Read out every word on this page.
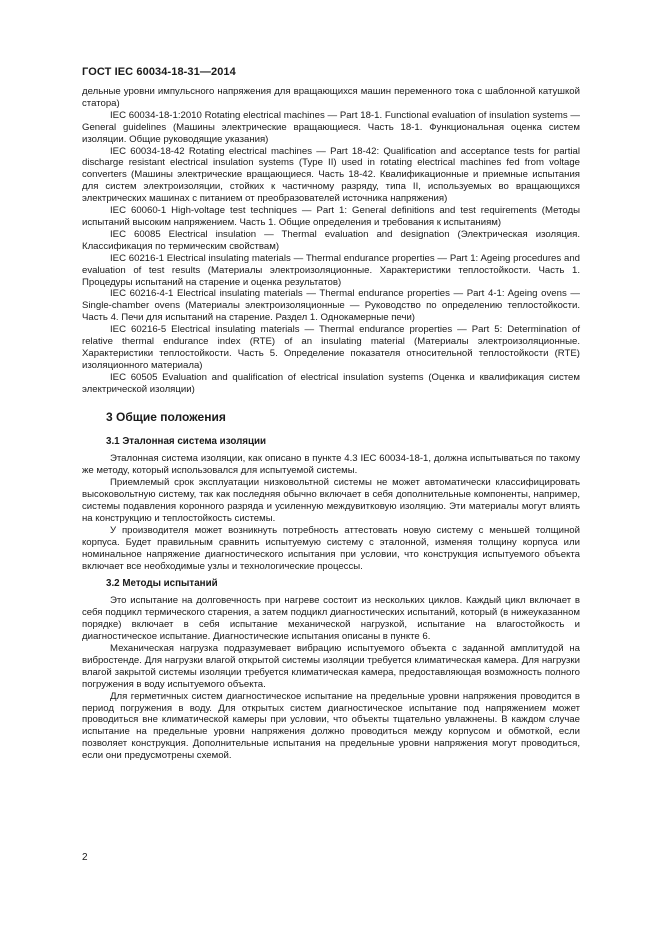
ГОСТ IEC 60034-18-31—2014

дельные уровни импульсного напряжения для вращающихся машин переменного тока с шаблонной катушкой статора)

IEC 60034-18-1:2010 Rotating electrical machines — Part 18-1. Functional evaluation of insulation systems — General guidelines (Машины электрические вращающиеся. Часть 18-1. Функциональная оценка систем изоляции. Общие руководящие указания)

IEC 60034-18-42 Rotating electrical machines — Part 18-42: Qualification and acceptance tests for partial discharge resistant electrical insulation systems (Type II) used in rotating electrical machines fed from voltage converters (Машины электрические вращающиеся. Часть 18-42. Квалификационные и приемные испытания для систем электроизоляции, стойких к частичному разряду, типа II, используемых во вращающихся электрических машинах с питанием от преобразователей источника напряжения)

IEC 60060-1 High-voltage test techniques — Part 1: General definitions and test requirements (Методы испытаний высоким напряжением. Часть 1. Общие определения и требования к испытаниям)

IEC 60085 Electrical insulation — Thermal evaluation and designation (Электрическая изоляция. Классификация по термическим свойствам)

IEC 60216-1 Electrical insulating materials — Thermal endurance properties — Part 1: Ageing procedures and evaluation of test results (Материалы электроизоляционные. Характеристики теплостойкости. Часть 1. Процедуры испытаний на старение и оценка результатов)

IEC 60216-4-1 Electrical insulating materials — Thermal endurance properties — Part 4-1: Ageing ovens — Single-chamber ovens (Материалы электроизоляционные — Руководство по определению теплостойкости. Часть 4. Печи для испытаний на старение. Раздел 1. Однокамерные печи)

IEC 60216-5 Electrical insulating materials — Thermal endurance properties — Part 5: Determination of relative thermal endurance index (RTE) of an insulating material (Материалы электроизоляционные. Характеристики теплостойкости. Часть 5. Определение показателя относительной теплостойкости (RTE) изоляционного материала)

IEC 60505 Evaluation and qualification of electrical insulation systems (Оценка и квалификация систем электрической изоляции)

3 Общие положения
3.1 Эталонная система изоляции

Эталонная система изоляции, как описано в пункте 4.3 IEC 60034-18-1, должна испытываться по такому же методу, который использовался для испытуемой системы.

Приемлемый срок эксплуатации низковольтной системы не может автоматически классифицировать высоковольтную систему, так как последняя обычно включает в себя дополнительные компоненты, например, системы подавления коронного разряда и усиленную междувитковую изоляцию. Эти материалы могут влиять на конструкцию и теплостойкость системы.

У производителя может возникнуть потребность аттестовать новую систему с меньшей толщиной корпуса. Будет правильным сравнить испытуемую систему с эталонной, изменяя толщину корпуса или номинальное напряжение диагностического испытания при условии, что конструкция испытуемого объекта включает все необходимые узлы и технологические процессы.

3.2 Методы испытаний

Это испытание на долговечность при нагреве состоит из нескольких циклов. Каждый цикл включает в себя подцикл термического старения, а затем подцикл диагностических испытаний, который (в нижеуказанном порядке) включает в себя испытание механической нагрузкой, испытание на влагостойкость и диагностическое испытание. Диагностические испытания описаны в пункте 6.

Механическая нагрузка подразумевает вибрацию испытуемого объекта с заданной амплитудой на вибростенде. Для нагрузки влагой открытой системы изоляции требуется климатическая камера. Для нагрузки влагой закрытой системы изоляции требуется климатическая камера, предоставляющая возможность полного погружения в воду испытуемого объекта.

Для герметичных систем диагностическое испытание на предельные уровни напряжения проводится в период погружения в воду. Для открытых систем диагностическое испытание под напряжением может проводиться вне климатической камеры при условии, что объекты тщательно увлажнены. В каждом случае испытание на предельные уровни напряжения должно проводиться между корпусом и обмоткой, если позволяет конструкция. Дополнительные испытания на предельные уровни напряжения могут проводиться, если они предусмотрены схемой.

2
